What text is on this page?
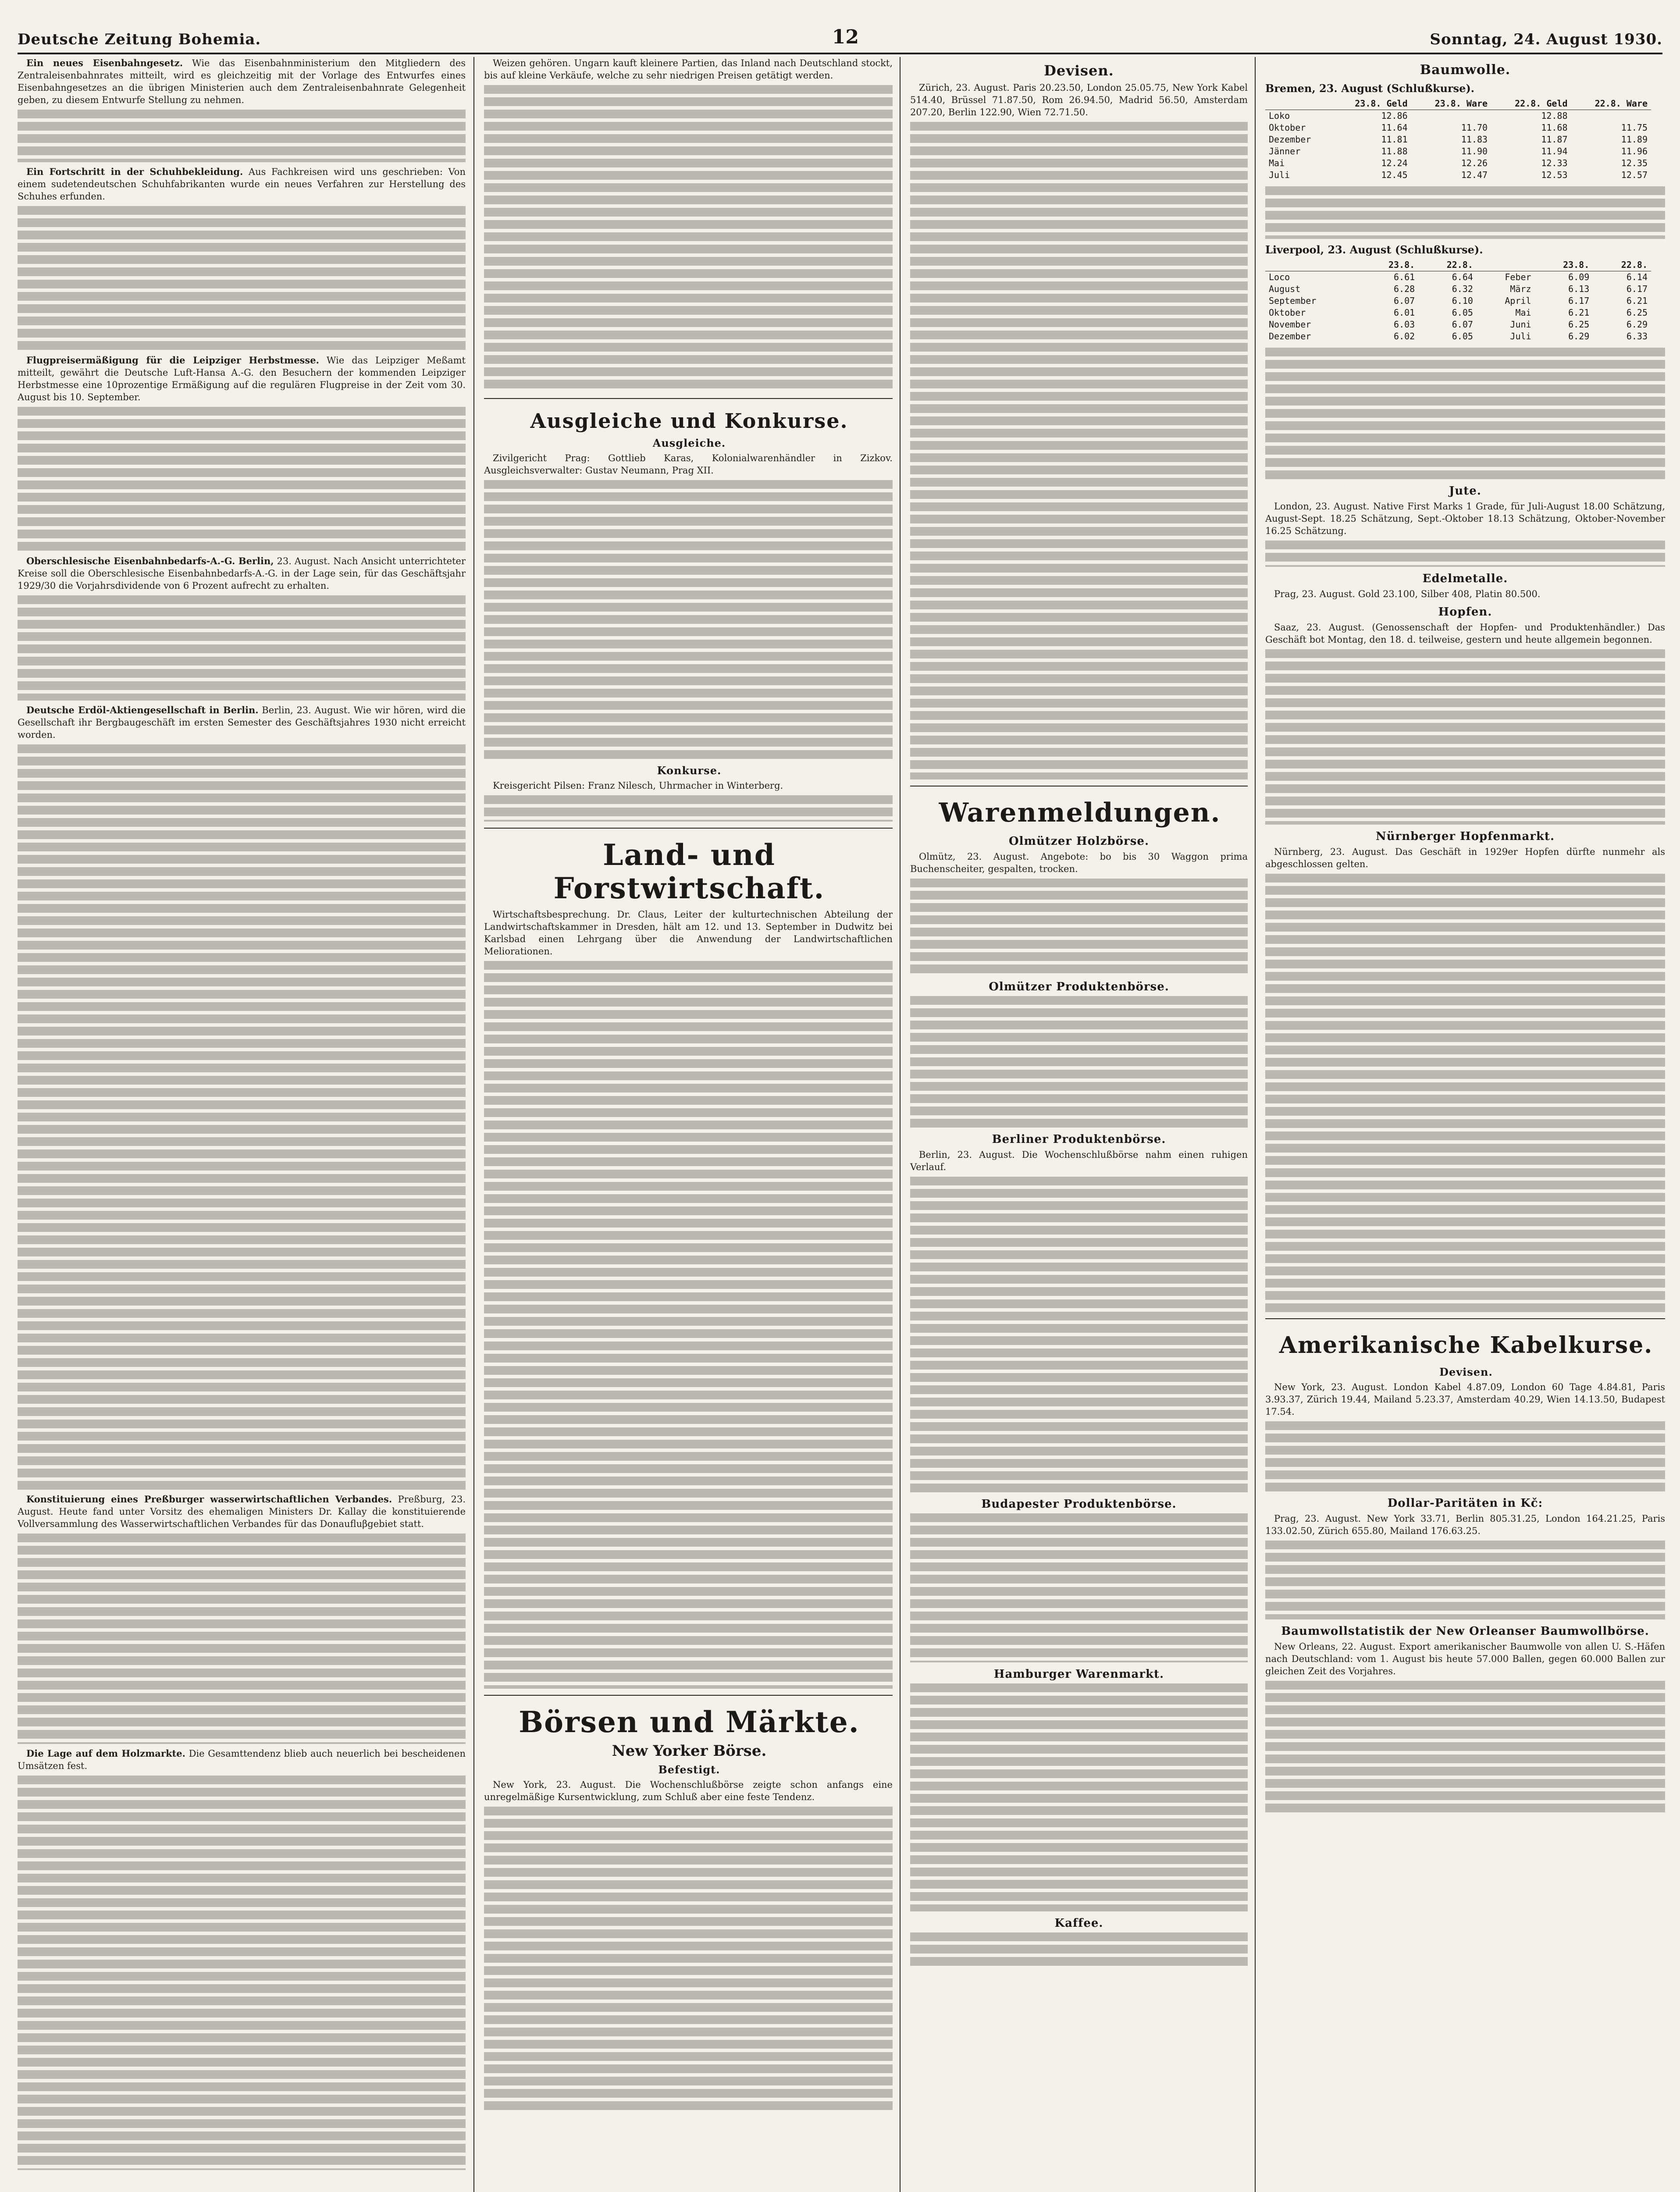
Deutsche Zeitung Bohemia.	12	Sonntag, 24. August 1930.

Ein neues Eisenbahngesetz. Wie das Eisenbahnministerium den Mitgliedern des Zentraleisenbahnrates mitteilt, wird es gleichzeitig mit der Vorlage des Entwurfes eines Eisenbahngesetzes an die übrigen Ministerien auch dem Zentraleisenbahnrate Gelegenheit geben, zu diesem Entwurfe Stellung zu nehmen.

Ein Fortschritt in der Schuhbekleidung. Aus Fachkreisen wird uns geschrieben: Von einem sudetendeutschen Schuhfabrikanten wurde ein neues Verfahren zur Herstellung des Schuhes erfunden.

Flugpreisermäßigung für die Leipziger Herbstmesse. Wie das Leipziger Meßamt mitteilt, gewährt die Deutsche Luft-Hansa A.-G. den Besuchern der kommenden Leipziger Herbstmesse eine 10prozentige Ermäßigung auf die regulären Flugpreise in der Zeit vom 30. August bis 10. September.

Oberschlesische Eisenbahnbedarfs-A.-G. Berlin, 23. August. Nach Ansicht unterrichteter Kreise soll die Oberschlesische Eisenbahnbedarfs-A.-G. in der Lage sein, für das Geschäftsjahr 1929/30 die Vorjahrsdividende von 6 Prozent aufrecht zu erhalten.

Deutsche Erdöl-Aktiengesellschaft in Berlin. Berlin, 23. August. Wie wir hören, wird die Gesellschaft ihr Bergbaugeschäft im ersten Semester des Geschäftsjahres 1930 nicht erreicht worden.

Konstituierung eines Preßburger wasserwirtschaftlichen Verbandes. Preßburg, 23. August. Heute fand unter Vorsitz des ehemaligen Ministers Dr. Kallay die konstituierende Vollversammlung des Wasserwirtschaftlichen Verbandes für das Donaufluβgebiet statt.

Die Lage auf dem Holzmarkte. Die Gesamttendenz blieb auch neuerlich bei bescheidenen Umsätzen fest.

Weizen gehören. Ungarn kauft kleinere Partien, das Inland nach Deutschland stockt, bis auf kleine Verkäufe, welche zu sehr niedrigen Preisen getätigt werden.

Ausgleiche und Konkurse.
Ausgleiche.

Zivilgericht Prag: Gottlieb Karas, Kolonialwarenhändler in Zizkov. Ausgleichsverwalter: Gustav Neumann, Prag XII.

Konkurse.

Kreisgericht Pilsen: Franz Nilesch, Uhrmacher in Winterberg.

Land- und Forstwirtschaft.

Wirtschaftsbesprechung. Dr. Claus, Leiter der kulturtechnischen Abteilung der Landwirtschaftskammer in Dresden, hält am 12. und 13. September in Dudwitz bei Karlsbad einen Lehrgang über die Anwendung der Landwirtschaftlichen Meliorationen.

Börsen und Märkte.
New Yorker Börse.
Befestigt.

New York, 23. August. Die Wochenschlußbörse zeigte schon anfangs eine unregelmäßige Kursentwicklung, zum Schluß aber eine feste Tendenz.

Devisen.

Zürich, 23. August. Paris 20.23.50, London 25.05.75, New York Kabel 514.40, Brüssel 71.87.50, Rom 26.94.50, Madrid 56.50, Amsterdam 207.20, Berlin 122.90, Wien 72.71.50.

Warenmeldungen.
Olmützer Holzbörse.

Olmütz, 23. August. Angebote: bo bis 30 Waggon prima Buchenscheiter, gespalten, trocken.

Olmützer Produktenbörse.
Berliner Produktenbörse.

Berlin, 23. August. Die Wochenschlußbörse nahm einen ruhigen Verlauf.

Budapester Produktenbörse.
Hamburger Warenmarkt.
Kaffee.
Baumwolle.
Bremen, 23. August (Schlußkurse).
	23.8. Geld	23.8. Ware	22.8. Geld	22.8. Ware
Loko	12.86		12.88	
Oktober	11.64	11.70	11.68	11.75
Dezember	11.81	11.83	11.87	11.89
Jänner	11.88	11.90	11.94	11.96
Mai	12.24	12.26	12.33	12.35
Juli	12.45	12.47	12.53	12.57
Liverpool, 23. August (Schlußkurse).
	23.8.	22.8.		23.8.	22.8.
Loco	6.61	6.64	Feber	6.09	6.14
August	6.28	6.32	März	6.13	6.17
September	6.07	6.10	April	6.17	6.21
Oktober	6.01	6.05	Mai	6.21	6.25
November	6.03	6.07	Juni	6.25	6.29
Dezember	6.02	6.05	Juli	6.29	6.33
Jute.

London, 23. August. Native First Marks 1 Grade, für Juli-August 18.00 Schätzung, August-Sept. 18.25 Schätzung, Sept.-Oktober 18.13 Schätzung, Oktober-November 16.25 Schätzung.

Edelmetalle.

Prag, 23. August. Gold 23.100, Silber 408, Platin 80.500.

Hopfen.

Saaz, 23. August. (Genossenschaft der Hopfen- und Produktenhändler.) Das Geschäft bot Montag, den 18. d. teilweise, gestern und heute allgemein begonnen.

Nürnberger Hopfenmarkt.

Nürnberg, 23. August. Das Geschäft in 1929er Hopfen dürfte nunmehr als abgeschlossen gelten.

Amerikanische Kabelkurse.
Devisen.

New York, 23. August. London Kabel 4.87.09, London 60 Tage 4.84.81, Paris 3.93.37, Zürich 19.44, Mailand 5.23.37, Amsterdam 40.29, Wien 14.13.50, Budapest 17.54.

Dollar-Paritäten in Kč:

Prag, 23. August. New York 33.71, Berlin 805.31.25, London 164.21.25, Paris 133.02.50, Zürich 655.80, Mailand 176.63.25.

Baumwollstatistik der New Orleanser Baumwollbörse.

New Orleans, 22. August. Export amerikanischer Baumwolle von allen U. S.-Häfen nach Deutschland: vom 1. August bis heute 57.000 Ballen, gegen 60.000 Ballen zur gleichen Zeit des Vorjahres.
